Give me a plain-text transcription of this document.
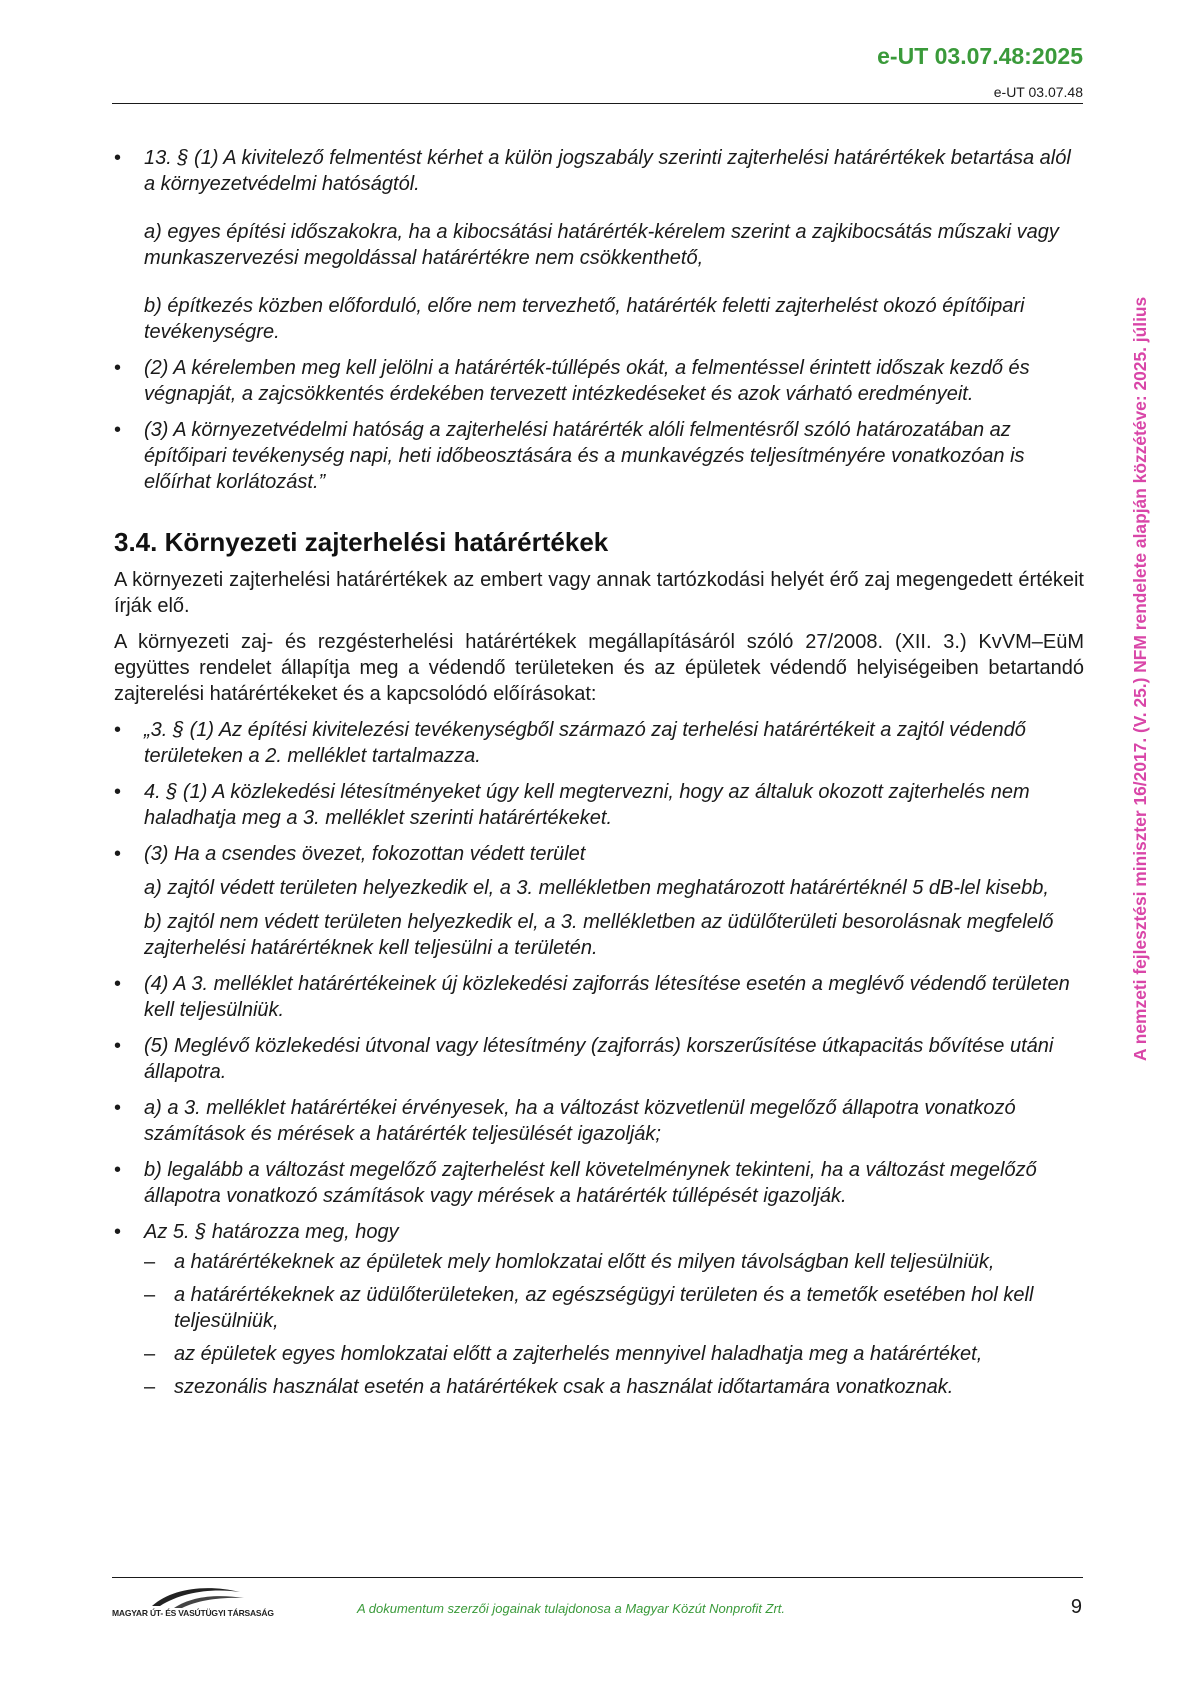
e-UT 03.07.48:2025
e-UT 03.07.48
A nemzeti fejlesztési miniszter 16/2017. (V. 25.) NFM rendelete alapján közzétéve: 2025. július
• 13. § (1) A kivitelező felmentést kérhet a külön jogszabály szerinti zajterhelési határértékek betartása alól a környezetvédelmi hatóságtól.
a) egyes építési időszakokra, ha a kibocsátási határérték-kérelem szerint a zajkibocsátás műszaki vagy munkaszervezési megoldással határértékre nem csökkenthető,
b) építkezés közben előforduló, előre nem tervezhető, határérték feletti zajterhelést okozó építőipari tevékenységre.
• (2) A kérelemben meg kell jelölni a határérték-túllépés okát, a felmentéssel érintett időszak kezdő és végnapját, a zajcsökkentés érdekében tervezett intézkedéseket és azok várható eredményeit.
• (3) A környezetvédelmi hatóság a zajterhelési határérték alóli felmentésről szóló határozatában az építőipari tevékenység napi, heti időbeosztására és a munkavégzés teljesítményére vonatkozóan is előírhat korlátozást.”
3.4. Környezeti zajterhelési határértékek
A környezeti zajterhelési határértékek az embert vagy annak tartózkodási helyét érő zaj megengedett értékeit írják elő.
A környezeti zaj- és rezgésterhelési határértékek megállapításáról szóló 27/2008. (XII. 3.) KvVM–EüM együttes rendelet állapítja meg a védendő területeken és az épületek védendő helyiségeiben betartandó zajterelési határértékeket és a kapcsolódó előírásokat:
• „3. § (1) Az építési kivitelezési tevékenységből származó zaj terhelési határértékeit a zajtól védendő területeken a 2. melléklet tartalmazza.
• 4. § (1) A közlekedési létesítményeket úgy kell megtervezni, hogy az általuk okozott zajterhelés nem haladhatja meg a 3. melléklet szerinti határértékeket.
• (3) Ha a csendes övezet, fokozottan védett terület
a) zajtól védett területen helyezkedik el, a 3. mellékletben meghatározott határértéknél 5 dB-lel kisebb,
b) zajtól nem védett területen helyezkedik el, a 3. mellékletben az üdülőterületi besorolásnak megfelelő zajterhelési határértéknek kell teljesülni a területén.
• (4) A 3. melléklet határértékeinek új közlekedési zajforrás létesítése esetén a meglévő védendő területen kell teljesülniük.
• (5) Meglévő közlekedési útvonal vagy létesítmény (zajforrás) korszerűsítése útkapacitás bővítése utáni állapotra.
• a) a 3. melléklet határértékei érvényesek, ha a változást közvetlenül megelőző állapotra vonatkozó számítások és mérések a határérték teljesülését igazolják;
• b) legalább a változást megelőző zajterhelést kell követelménynek tekinteni, ha a változást megelőző állapotra vonatkozó számítások vagy mérések a határérték túllépését igazolják.
• Az 5. § határozza meg, hogy
– a határértékeknek az épületek mely homlokzatai előtt és milyen távolságban kell teljesülniük,
– a határértékeknek az üdülőterületeken, az egészségügyi területen és a temetők esetében hol kell teljesülniük,
– az épületek egyes homlokzatai előtt a zajterhelés mennyivel haladhatja meg a határértéket,
– szezonális használat esetén a határértékek csak a használat időtartamára vonatkoznak.
MAGYAR ÚT- ÉS VASÚTÜGYI TÁRSASÁG	A dokumentum szerzői jogainak tulajdonosa a Magyar Közút Nonprofit Zrt.	9
